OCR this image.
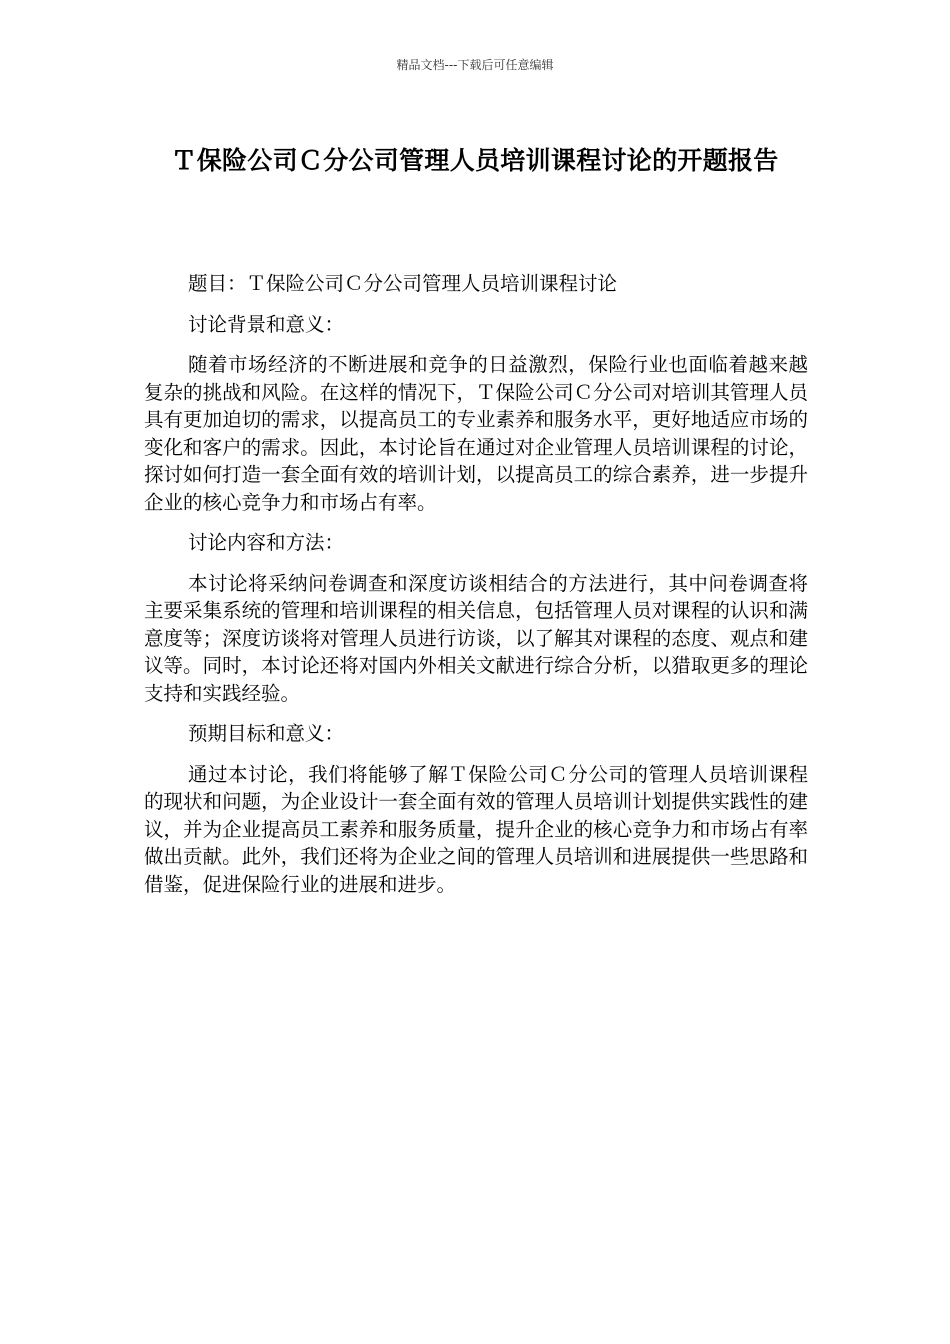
精品文档---下载后可任意编辑
Ｔ保险公司Ｃ分公司管理人员培训课程讨论的开题报告

题目：Ｔ保险公司Ｃ分公司管理人员培训课程讨论

讨论背景和意义：

随着市场经济的不断进展和竞争的日益激烈，保险行业也面临着越来越复杂的挑战和风险。在这样的情况下，Ｔ保险公司Ｃ分公司对培训其管理人员具有更加迫切的需求，以提高员工的专业素养和服务水平，更好地适应市场的变化和客户的需求。因此，本讨论旨在通过对企业管理人员培训课程的讨论，探讨如何打造一套全面有效的培训计划，以提高员工的综合素养，进一步提升企业的核心竞争力和市场占有率。

讨论内容和方法：

本讨论将采纳问卷调查和深度访谈相结合的方法进行，其中问卷调查将主要采集系统的管理和培训课程的相关信息，包括管理人员对课程的认识和满意度等；深度访谈将对管理人员进行访谈，以了解其对课程的态度、观点和建议等。同时，本讨论还将对国内外相关文献进行综合分析，以猎取更多的理论支持和实践经验。

预期目标和意义：

通过本讨论，我们将能够了解Ｔ保险公司Ｃ分公司的管理人员培训课程的现状和问题，为企业设计一套全面有效的管理人员培训计划提供实践性的建议，并为企业提高员工素养和服务质量，提升企业的核心竞争力和市场占有率做出贡献。此外，我们还将为企业之间的管理人员培训和进展提供一些思路和借鉴，促进保险行业的进展和进步。
